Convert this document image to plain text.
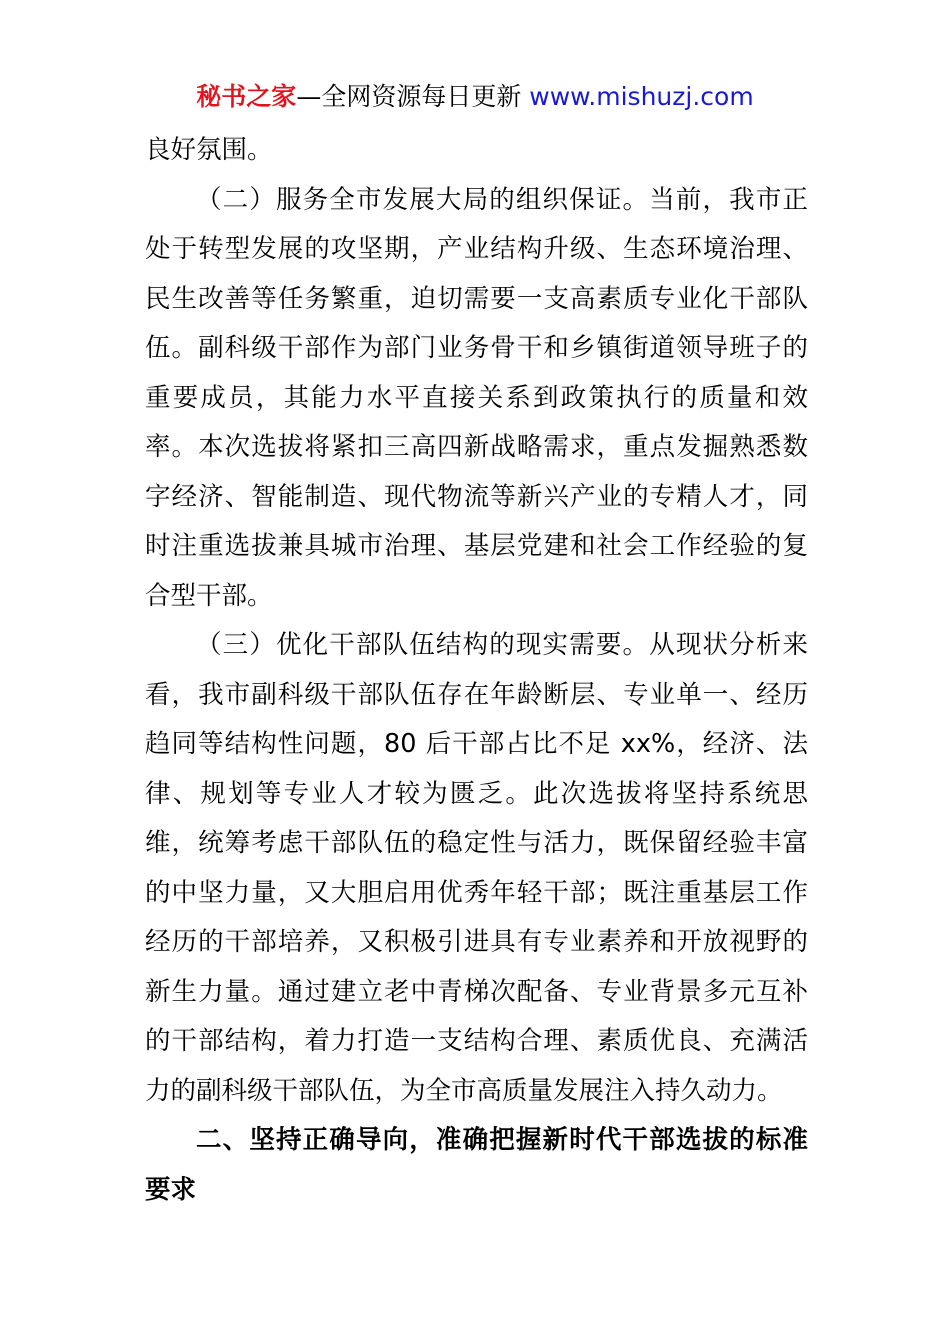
秘书之家—全网资源每日更新 www.mishuzj.com
良好氛围。
（二）服务全市发展大局的组织保证。当前，我市正
处于转型发展的攻坚期，产业结构升级、生态环境治理、
民生改善等任务繁重，迫切需要一支高素质专业化干部队
伍。副科级干部作为部门业务骨干和乡镇街道领导班子的
重要成员，其能力水平直接关系到政策执行的质量和效
率。本次选拔将紧扣三高四新战略需求，重点发掘熟悉数
字经济、智能制造、现代物流等新兴产业的专精人才，同
时注重选拔兼具城市治理、基层党建和社会工作经验的复
合型干部。
（三）优化干部队伍结构的现实需要。从现状分析来
看，我市副科级干部队伍存在年龄断层、专业单一、经历
趋同等结构性问题，80 后干部占比不足 xx%，经济、法
律、规划等专业人才较为匮乏。此次选拔将坚持系统思
维，统筹考虑干部队伍的稳定性与活力，既保留经验丰富
的中坚力量，又大胆启用优秀年轻干部；既注重基层工作
经历的干部培养，又积极引进具有专业素养和开放视野的
新生力量。通过建立老中青梯次配备、专业背景多元互补
的干部结构，着力打造一支结构合理、素质优良、充满活
力的副科级干部队伍，为全市高质量发展注入持久动力。
二、坚持正确导向，准确把握新时代干部选拔的标准
要求
